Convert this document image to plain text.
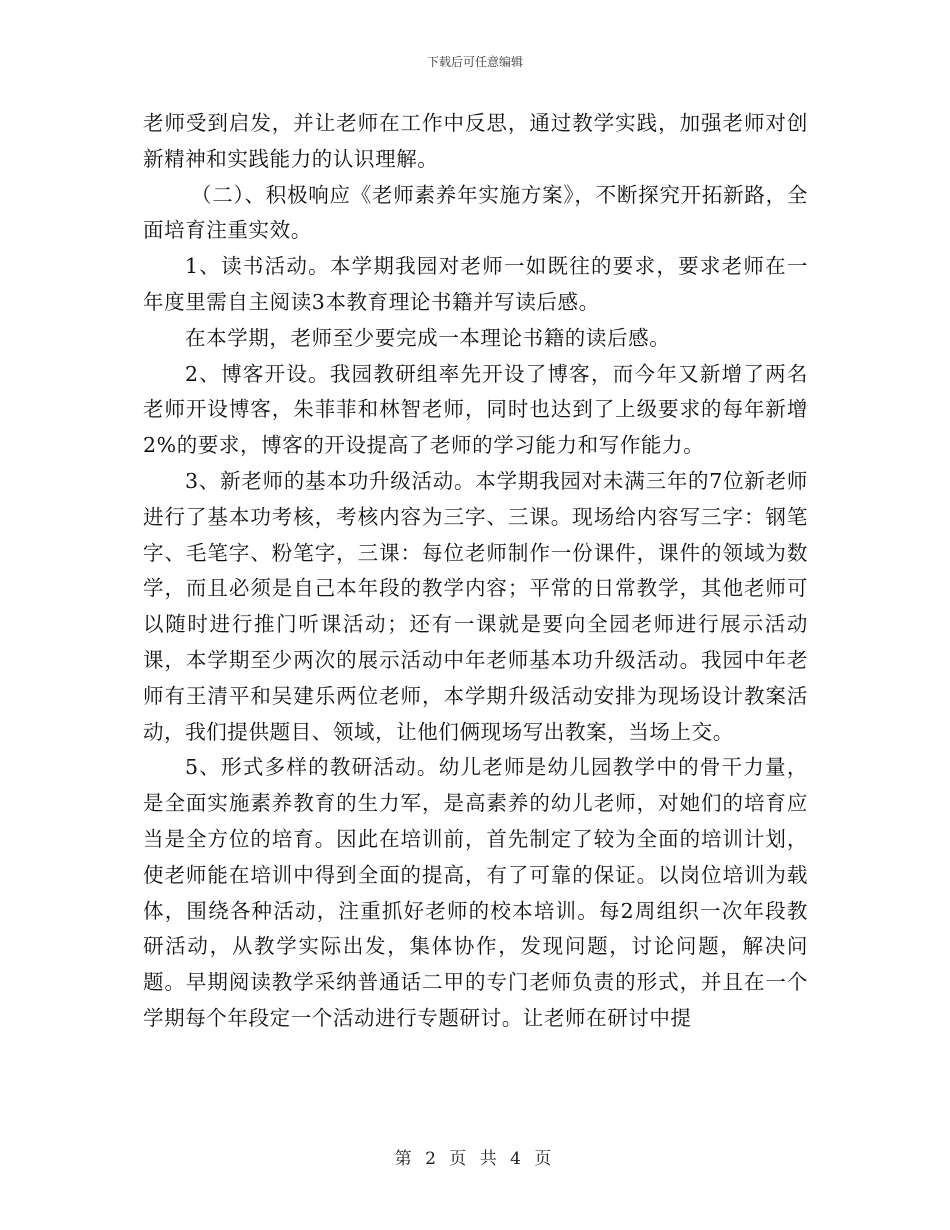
下载后可任意编辑

老师受到启发，并让老师在工作中反思，通过教学实践，加强老师对创新精神和实践能力的认识理解。

（二）、积极响应《老师素养年实施方案》，不断探究开拓新路，全面培育注重实效。

1、读书活动。本学期我园对老师一如既往的要求，要求老师在一年度里需自主阅读3本教育理论书籍并写读后感。

在本学期，老师至少要完成一本理论书籍的读后感。

2、博客开设。我园教研组率先开设了博客，而今年又新增了两名老师开设博客，朱菲菲和林智老师，同时也达到了上级要求的每年新增2%的要求，博客的开设提高了老师的学习能力和写作能力。

3、新老师的基本功升级活动。本学期我园对未满三年的7位新老师进行了基本功考核，考核内容为三字、三课。现场给内容写三字：钢笔字、毛笔字、粉笔字，三课：每位老师制作一份课件，课件的领域为数学，而且必须是自己本年段的教学内容；平常的日常教学，其他老师可以随时进行推门听课活动；还有一课就是要向全园老师进行展示活动课，本学期至少两次的展示活动中年老师基本功升级活动。我园中年老师有王清平和吴建乐两位老师，本学期升级活动安排为现场设计教案活动，我们提供题目、领域，让他们俩现场写出教案，当场上交。

5、形式多样的教研活动。幼儿老师是幼儿园教学中的骨干力量，是全面实施素养教育的生力军，是高素养的幼儿老师，对她们的培育应当是全方位的培育。因此在培训前，首先制定了较为全面的培训计划，使老师能在培训中得到全面的提高，有了可靠的保证。以岗位培训为载体，围绕各种活动，注重抓好老师的校本培训。每2周组织一次年段教研活动，从教学实际出发，集体协作，发现问题，讨论问题，解决问题。早期阅读教学采纳普通话二甲的专门老师负责的形式，并且在一个学期每个年段定一个活动进行专题研讨。让老师在研讨中提

第 2 页 共 4 页
